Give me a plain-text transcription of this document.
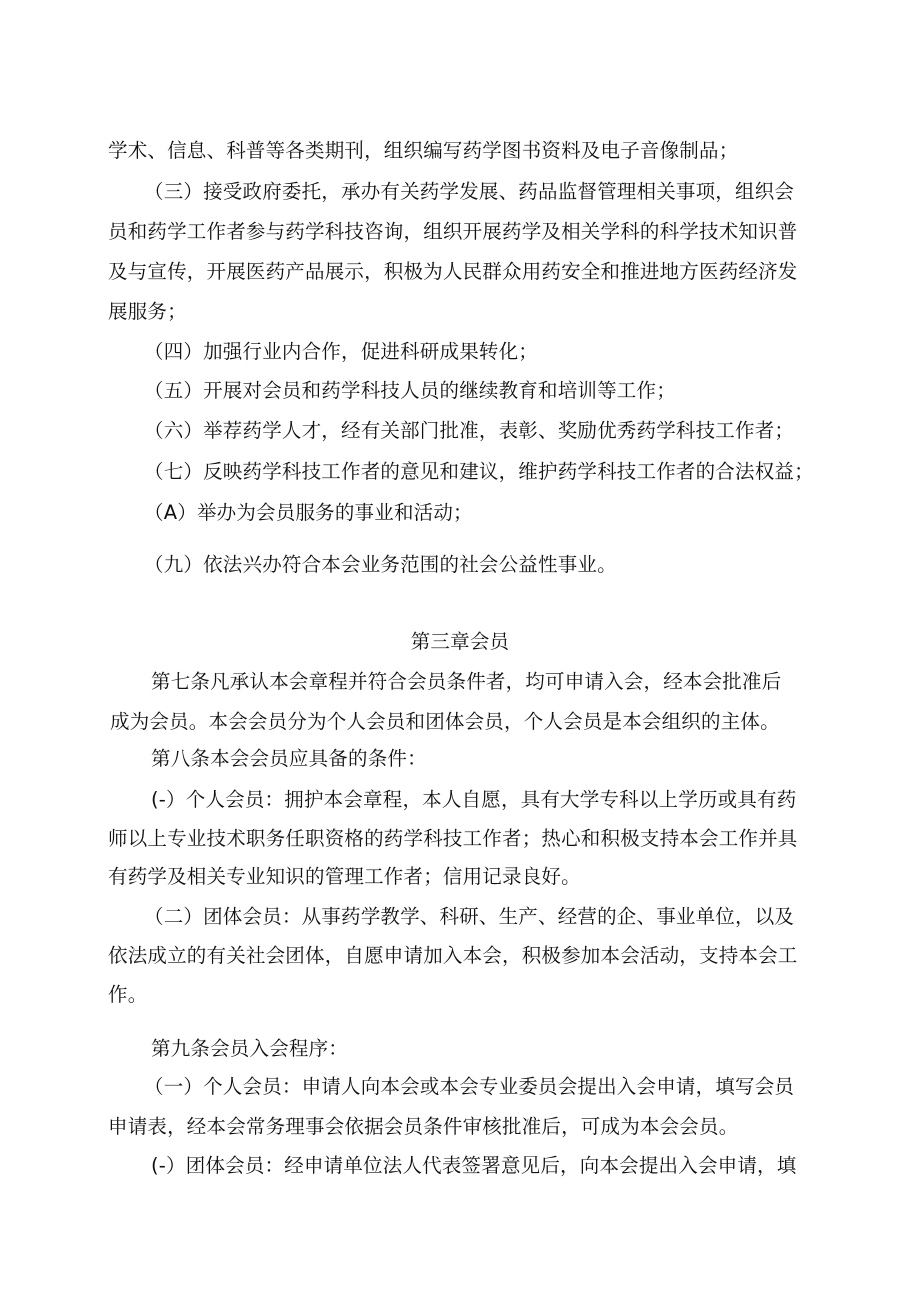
学术、信息、科普等各类期刊，组织编写药学图书资料及电子音像制品；
（三）接受政府委托，承办有关药学发展、药品监督管理相关事项，组织会
员和药学工作者参与药学科技咨询，组织开展药学及相关学科的科学技术知识普
及与宣传，开展医药产品展示，积极为人民群众用药安全和推进地方医药经济发
展服务；
（四）加强行业内合作，促进科研成果转化；
（五）开展对会员和药学科技人员的继续教育和培训等工作；
（六）举荐药学人才，经有关部门批准，表彰、奖励优秀药学科技工作者；
（七）反映药学科技工作者的意见和建议，维护药学科技工作者的合法权益；
（A）举办为会员服务的事业和活动；
（九）依法兴办符合本会业务范围的社会公益性事业。
第三章会员
第七条凡承认本会章程并符合会员条件者，均可申请入会，经本会批准后
成为会员。本会会员分为个人会员和团体会员，个人会员是本会组织的主体。
第八条本会会员应具备的条件：
(-）个人会员：拥护本会章程，本人自愿，具有大学专科以上学历或具有药
师以上专业技术职务任职资格的药学科技工作者；热心和积极支持本会工作并具
有药学及相关专业知识的管理工作者；信用记录良好。
（二）团体会员：从事药学教学、科研、生产、经营的企、事业单位，以及
依法成立的有关社会团体，自愿申请加入本会，积极参加本会活动，支持本会工
作。
第九条会员入会程序：
（一）个人会员：申请人向本会或本会专业委员会提出入会申请，填写会员
申请表，经本会常务理事会依据会员条件审核批准后，可成为本会会员。
(-）团体会员：经申请单位法人代表签署意见后，向本会提出入会申请，填
